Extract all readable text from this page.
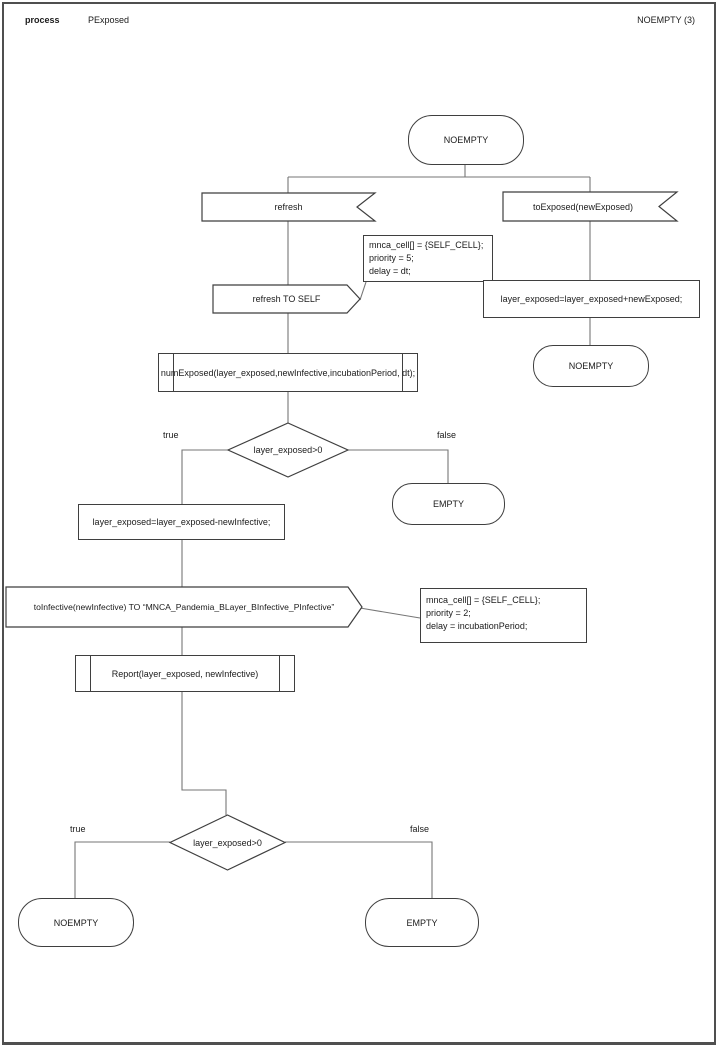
process	PExposed	NOEMPTY (3)
NOEMPTY
refresh	toExposed(newExposed)
refresh TO SELF
mnca_cell[] = {SELF_CELL};
priority = 5;
delay = dt;
layer_exposed=layer_exposed+newExposed;
NOEMPTY
numExposed(layer_exposed,newInfective,incubationPeriod, dt);
layer_exposed>0
true	false
EMPTY
layer_exposed=layer_exposed-newInfective;
toInfective(newInfective) TO “MNCA_Pandemia_BLayer_BInfective_PInfective”
mnca_cell[] = {SELF_CELL};
priority = 2;
delay = incubationPeriod;
Report(layer_exposed, newInfective)
layer_exposed>0
true	false
NOEMPTY	EMPTY
